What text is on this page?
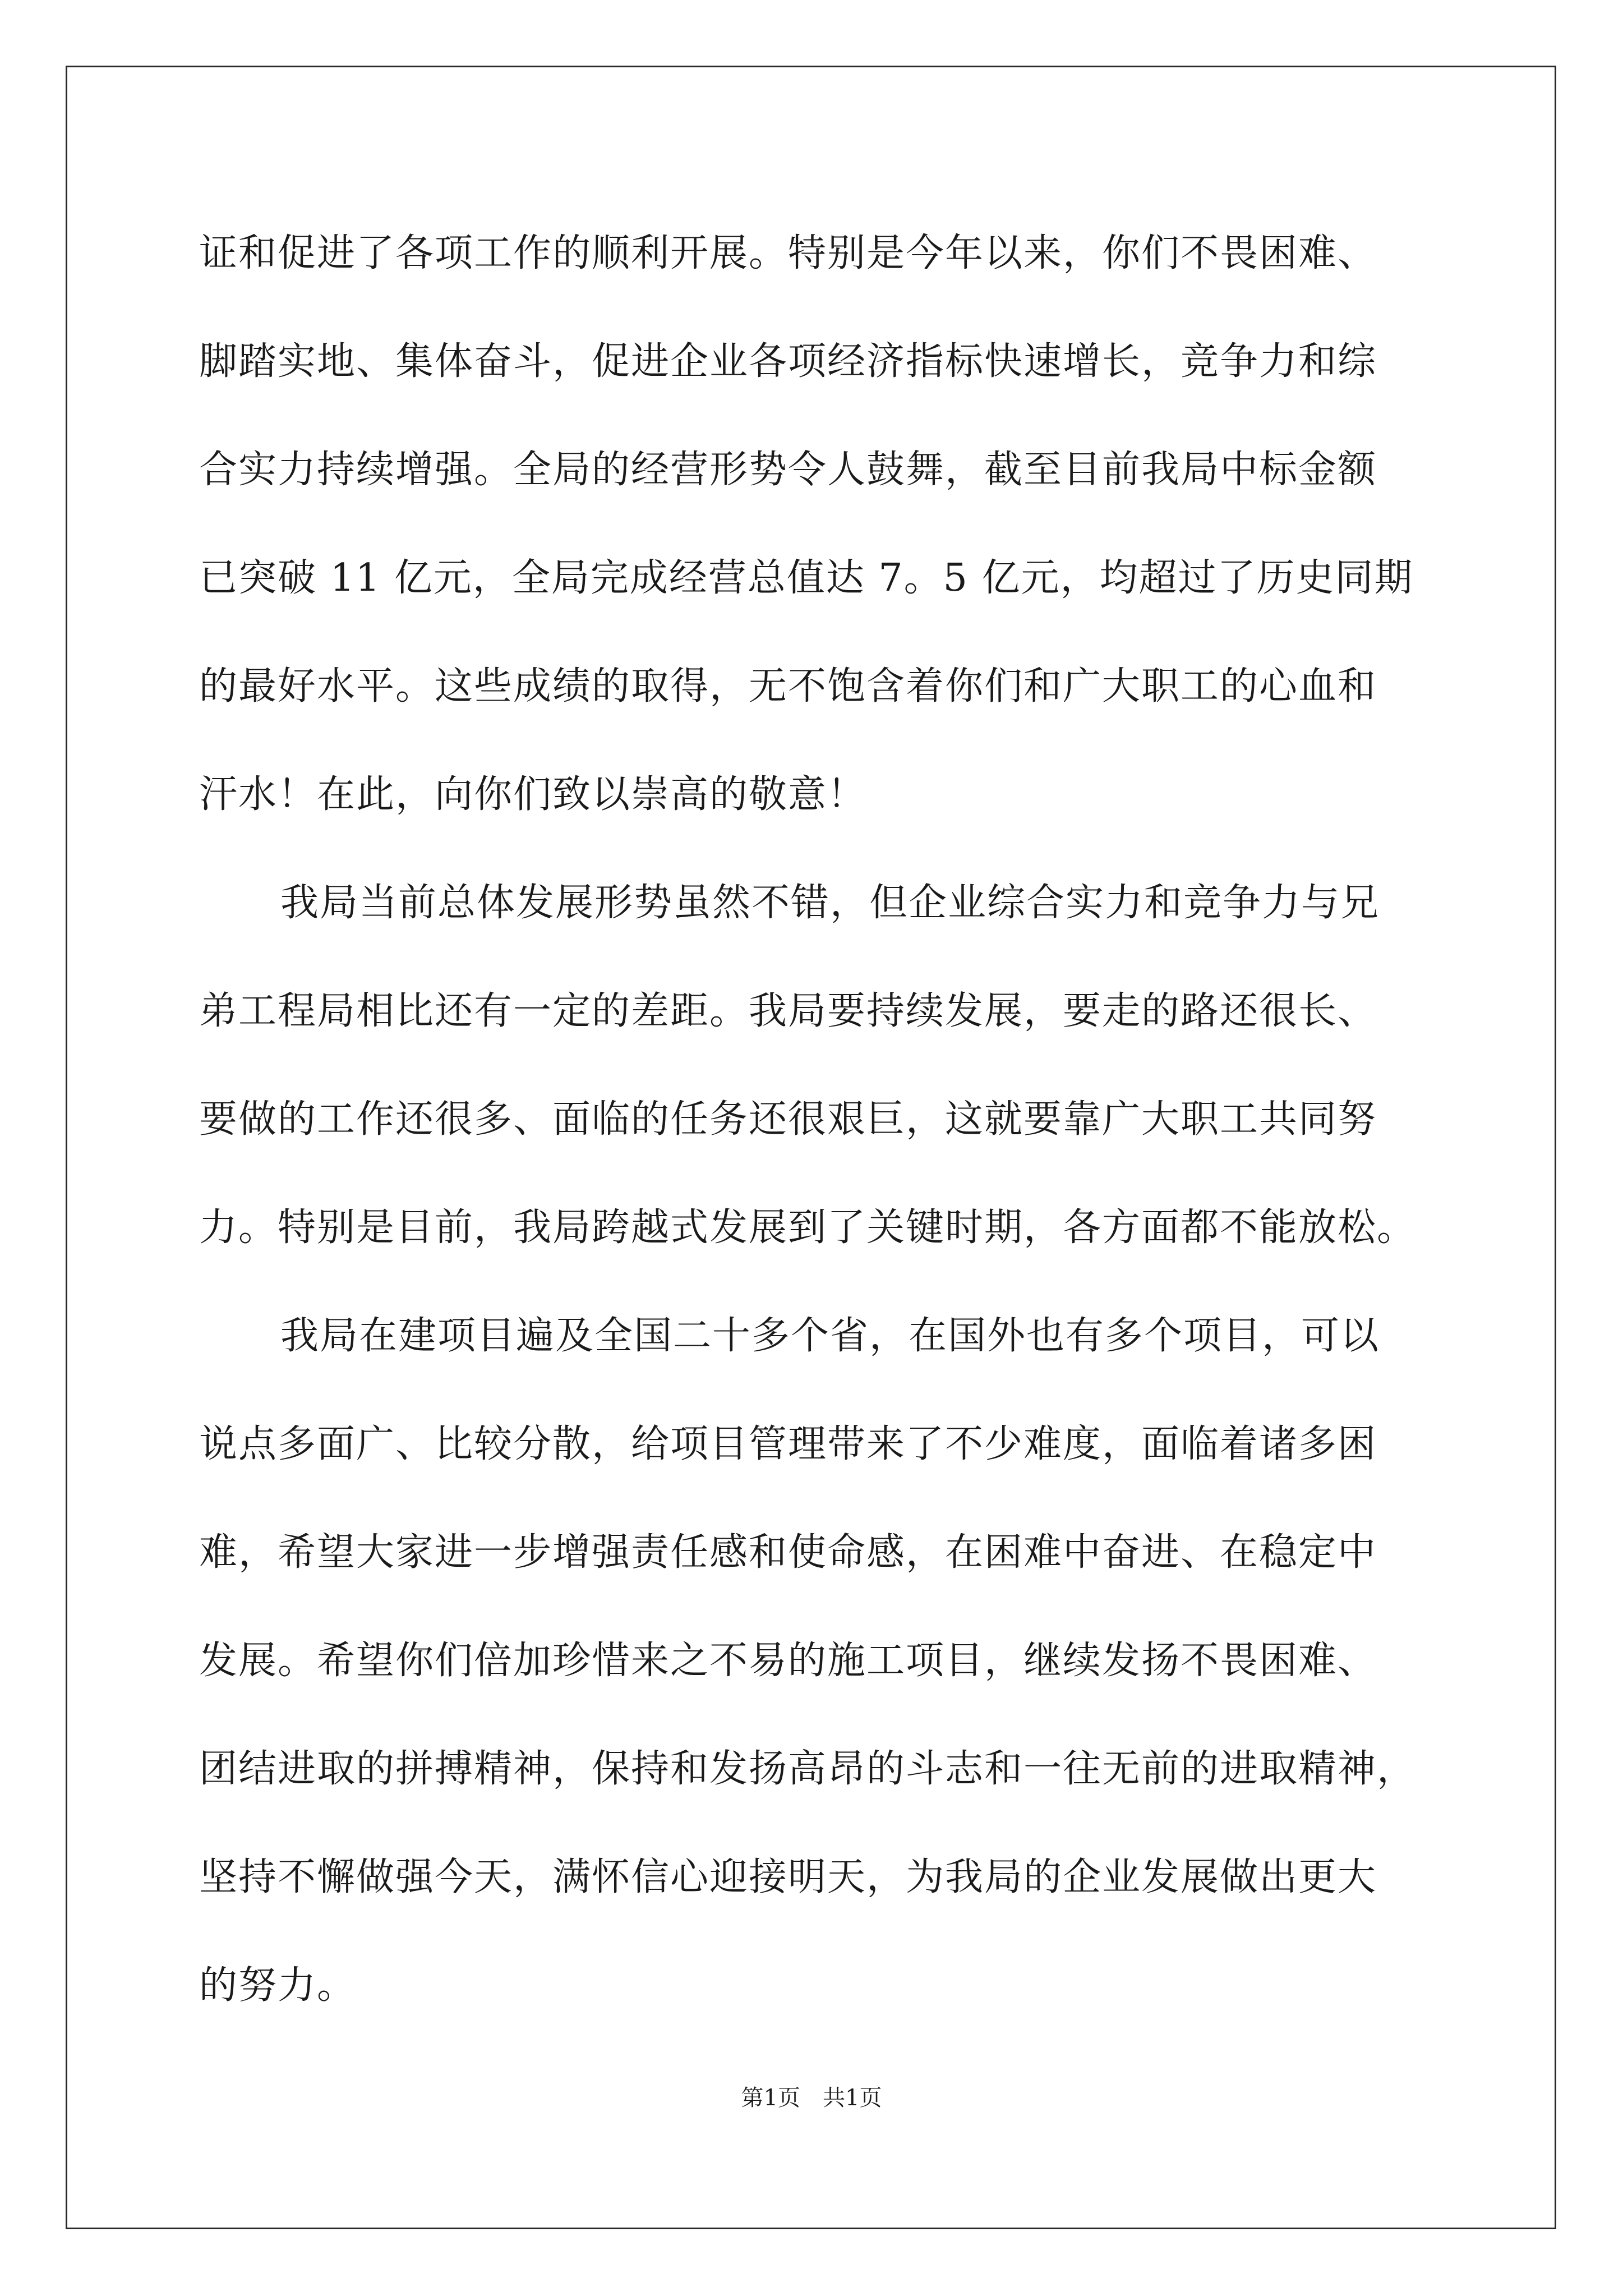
证和促进了各项工作的顺利开展。特别是今年以来，你们不畏困难、
脚踏实地、集体奋斗，促进企业各项经济指标快速增长，竞争力和综
合实力持续增强。全局的经营形势令人鼓舞，截至目前我局中标金额
已突破 11 亿元，全局完成经营总值达 7。5 亿元，均超过了历史同期
的最好水平。这些成绩的取得，无不饱含着你们和广大职工的心血和
汗水！在此，向你们致以崇高的敬意！
我局当前总体发展形势虽然不错，但企业综合实力和竞争力与兄
弟工程局相比还有一定的差距。我局要持续发展，要走的路还很长、
要做的工作还很多、面临的任务还很艰巨，这就要靠广大职工共同努
力。特别是目前，我局跨越式发展到了关键时期，各方面都不能放松。
我局在建项目遍及全国二十多个省，在国外也有多个项目，可以
说点多面广、比较分散，给项目管理带来了不少难度，面临着诸多困
难，希望大家进一步增强责任感和使命感，在困难中奋进、在稳定中
发展。希望你们倍加珍惜来之不易的施工项目，继续发扬不畏困难、
团结进取的拼搏精神，保持和发扬高昂的斗志和一往无前的进取精神，
坚持不懈做强今天，满怀信心迎接明天，为我局的企业发展做出更大
的努力。
第1页 共1页
